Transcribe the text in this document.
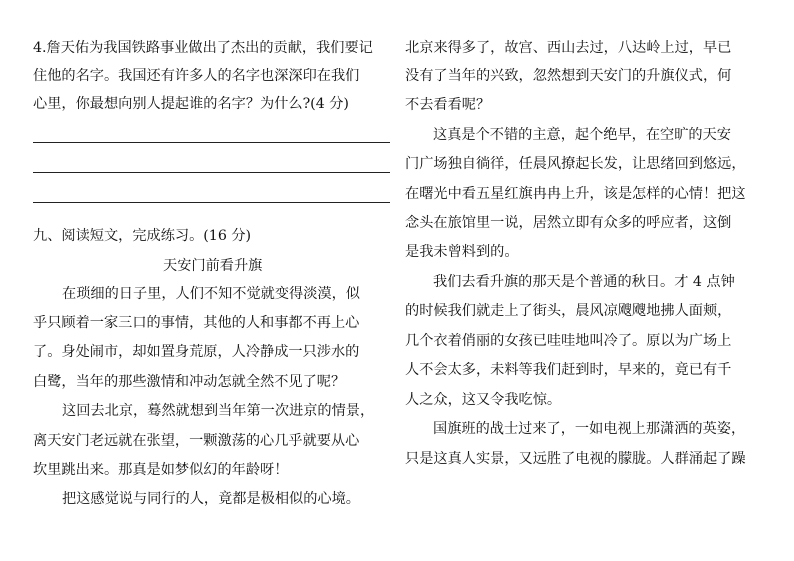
4.詹天佑为我国铁路事业做出了杰出的贡献，我们要记
住他的名字。我国还有许多人的名字也深深印在我们
心里，你最想向别人提起谁的名字？为什么?(4 分)
九、阅读短文，完成练习。(16 分)
天安门前看升旗
在琐细的日子里，人们不知不觉就变得淡漠，似
乎只顾着一家三口的事情，其他的人和事都不再上心
了。身处闹市，却如置身荒原，人冷静成一只涉水的
白鹭，当年的那些激情和冲动怎就全然不见了呢？
这回去北京，蓦然就想到当年第一次进京的情景，
离天安门老远就在张望，一颗激荡的心几乎就要从心
坎里跳出来。那真是如梦似幻的年龄呀！
把这感觉说与同行的人，竟都是极相似的心境。
北京来得多了，故宫、西山去过，八达岭上过，早已
没有了当年的兴致，忽然想到天安门的升旗仪式，何
不去看看呢？
这真是个不错的主意，起个绝早，在空旷的天安
门广场独自徜徉，任晨风撩起长发，让思绪回到悠远，
在曙光中看五星红旗冉冉上升，该是怎样的心情！把这
念头在旅馆里一说，居然立即有众多的呼应者，这倒
是我未曾料到的。
我们去看升旗的那天是个普通的秋日。才 4 点钟
的时候我们就走上了街头，晨风凉飕飕地拂人面颊，
几个衣着俏丽的女孩已哇哇地叫冷了。原以为广场上
人不会太多，未料等我们赶到时，早来的，竟已有千
人之众，这又令我吃惊。
国旗班的战士过来了，一如电视上那潇洒的英姿，
只是这真人实景，又远胜了电视的朦胧。人群涌起了躁
